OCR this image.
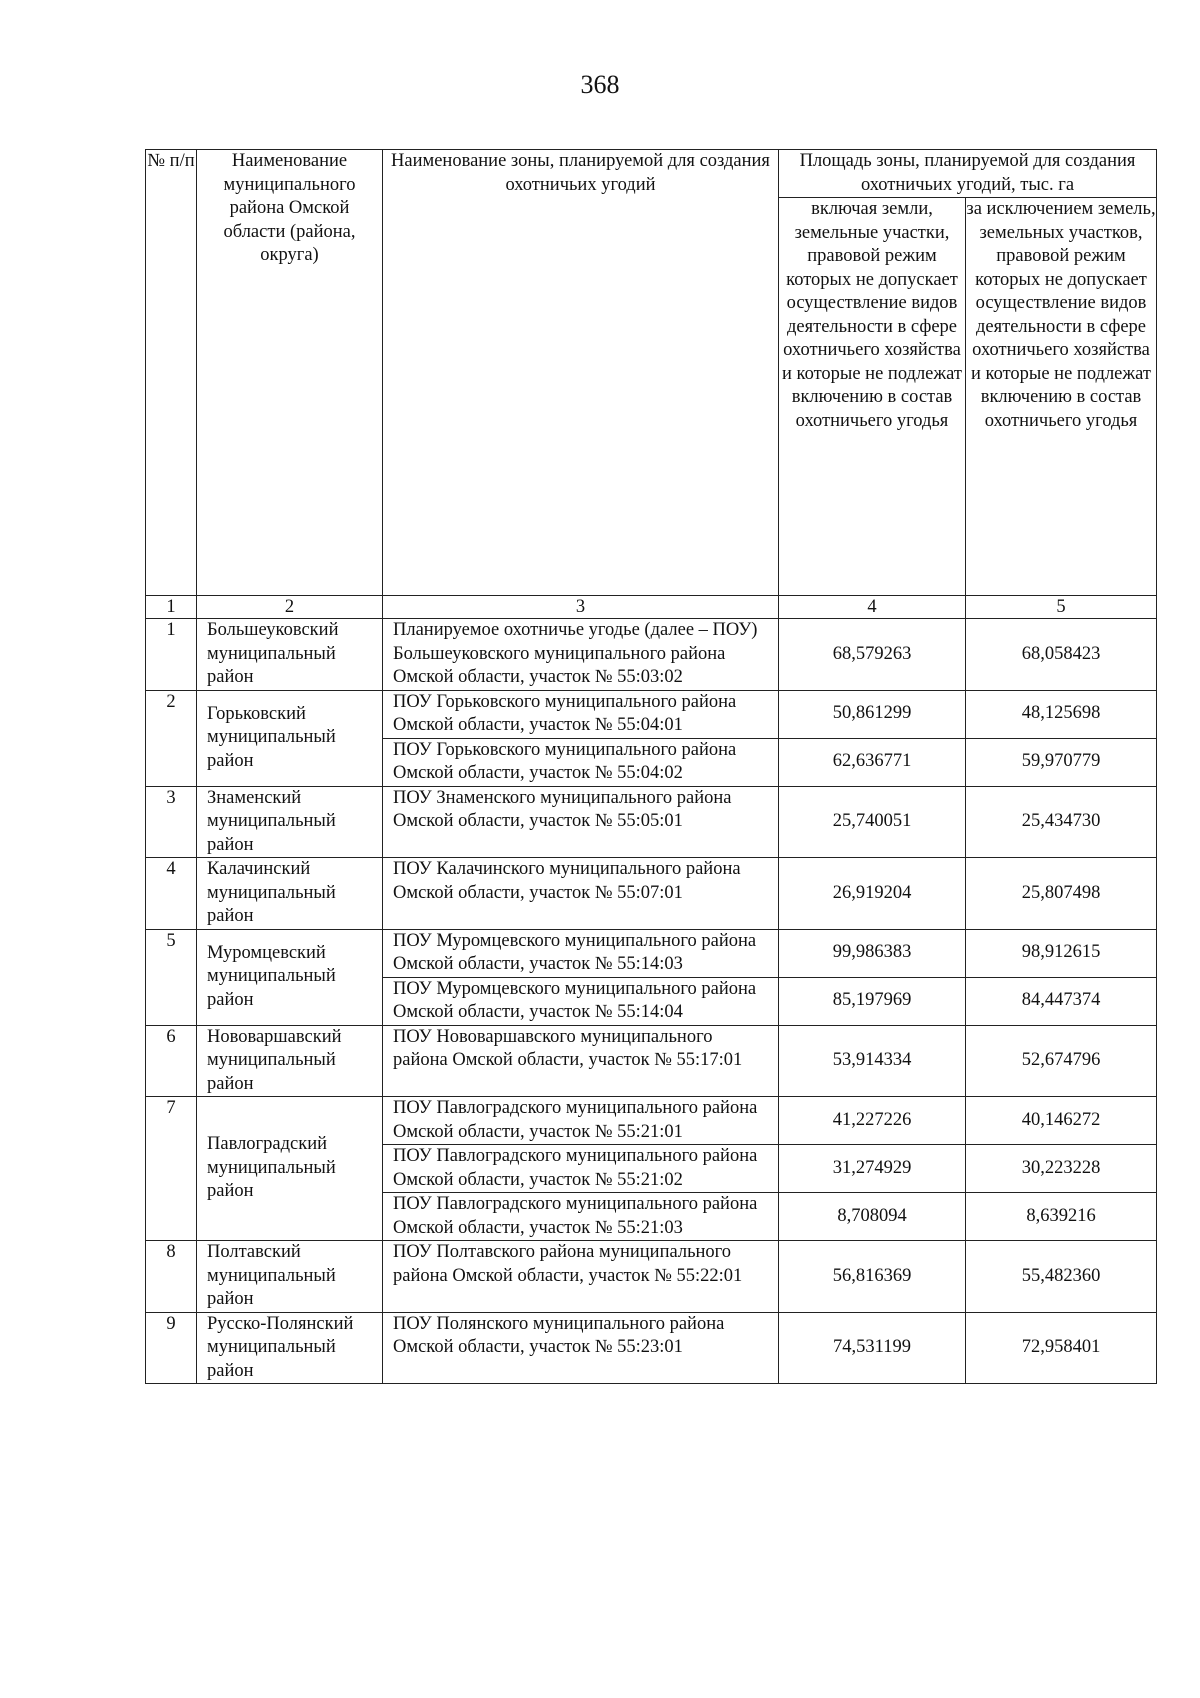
368
№ п/п	Наименование муниципального района Омской области (района, округа)	Наименование зоны, планируемой для создания охотничьих угодий	Площадь зоны, планируемой для создания охотничьих угодий, тыс. га	
			включая земли, земельные участки, правовой режим которых не допускает осуществление видов деятельности в сфере охотничьего хозяйства и которые не подлежат включению в состав охотничьего угодья	за исключением земель, земельных участков, правовой режим которых не допускает осуществление видов деятельности в сфере охотничьего хозяйства и которые не подлежат включению в состав охотничьего угодья
1	2	3	4	5
1	Большеуковский муниципальный район	Планируемое охотничье угодье (далее – ПОУ) Большеуковского муниципального района Омской области, участок № 55:03:02	68,579263	68,058423
2	Горьковский муниципальный район	ПОУ Горьковского муниципального района Омской области, участок № 55:04:01	50,861299	48,125698

		ПОУ Горьковского муниципального района Омской области, участок № 55:04:02	62,636771	59,970779
3	Знаменский муниципальный район	ПОУ Знаменского муниципального района Омской области, участок № 55:05:01	25,740051	25,434730
4	Калачинский муниципальный район	ПОУ Калачинского муниципального района Омской области, участок № 55:07:01	26,919204	25,807498
5	Муромцевский муниципальный район	ПОУ Муромцевского муниципального района Омской области, участок № 55:14:03	99,986383	98,912615

		ПОУ Муромцевского муниципального района Омской области, участок № 55:14:04	85,197969	84,447374
6	Нововаршавский муниципальный район	ПОУ Нововаршавского муниципального района Омской области, участок № 55:17:01	53,914334	52,674796
7	Павлоградский муниципальный район	ПОУ Павлоградского муниципального района Омской области, участок № 55:21:01	41,227226	40,146272

		ПОУ Павлоградского муниципального района Омской области, участок № 55:21:02	31,274929	30,223228

		ПОУ Павлоградского муниципального района Омской области, участок № 55:21:03	8,708094	8,639216
8	Полтавский муниципальный район	ПОУ Полтавского района муниципального района Омской области, участок № 55:22:01	56,816369	55,482360
9	Русско-Полянский муниципальный район	ПОУ Полянского муниципального района Омской области, участок № 55:23:01	74,531199	72,958401
